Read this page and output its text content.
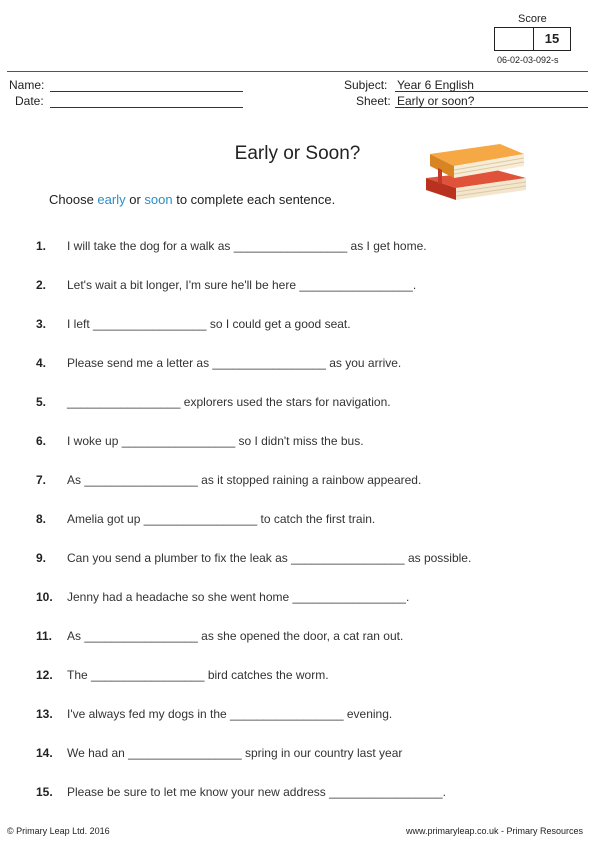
Score
15
06-02-03-092-s
Name:
Date:
Subject: Year 6 English
Sheet: Early or soon?
Early or Soon?
Choose early or soon to complete each sentence.
1. I will take the dog for a walk as _________________ as I get home.
2. Let's wait a bit longer, I'm sure he'll be here _________________.
3. I left _________________ so I could get a good seat.
4. Please send me a letter as _________________ as you arrive.
5. _________________ explorers used the stars for navigation.
6. I woke up _________________ so I didn't miss the bus.
7. As _________________ as it stopped raining a rainbow appeared.
8. Amelia got up _________________ to catch the first train.
9. Can you send a plumber to fix the leak as _________________ as possible.
10. Jenny had a headache so she went home _________________.
11. As _________________ as she opened the door, a cat ran out.
12. The _________________ bird catches the worm.
13. I've always fed my dogs in the _________________ evening.
14. We had an _________________ spring in our country last year
15. Please be sure to let me know your new address _________________.
© Primary Leap Ltd. 2016	www.primaryleap.co.uk - Primary Resources
